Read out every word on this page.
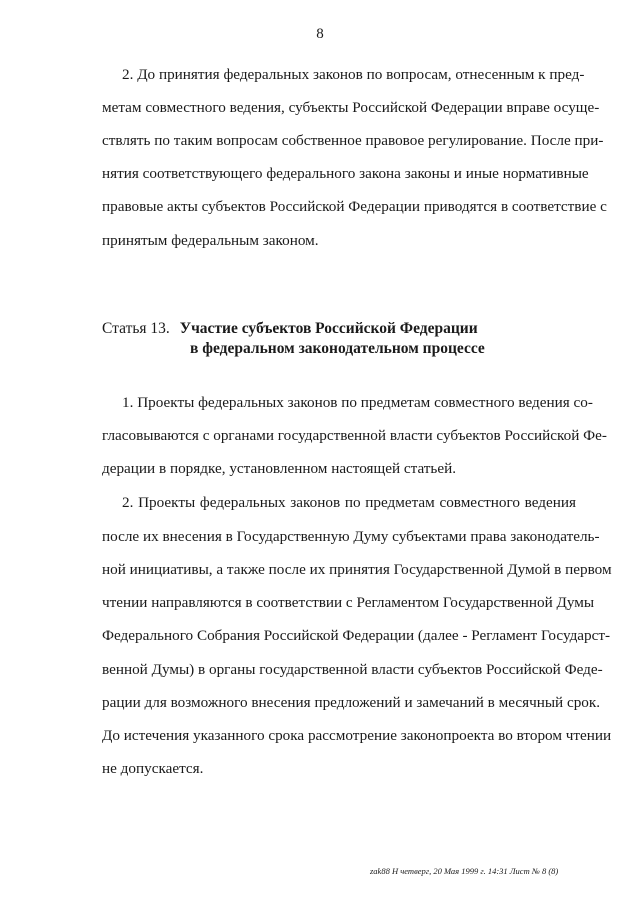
8
2. До принятия федеральных законов по вопросам, отнесенным к пред-
метам совместного ведения, субъекты Российской Федерации вправе осуще-
ствлять по таким вопросам собственное правовое регулирование. После при-
нятия соответствующего федерального закона законы и иные нормативные
правовые акты субъектов Российской Федерации приводятся в соответствие с
принятым федеральным законом.
Статья 13. Участие субъектов Российской Федерации
в федеральном законодательном процессе
1. Проекты федеральных законов по предметам совместного ведения со-
гласовываются с органами государственной власти субъектов Российской Фе-
дерации в порядке, установленном настоящей статьей.
2. Проекты федеральных законов по предметам совместного ведения
после их внесения в Государственную Думу субъектами права законодатель-
ной инициативы, а также после их принятия Государственной Думой в первом
чтении направляются в соответствии с Регламентом Государственной Думы
Федерального Собрания Российской Федерации (далее - Регламент Государст-
венной Думы) в органы государственной власти субъектов Российской Феде-
рации для возможного внесения предложений и замечаний в месячный срок.
До истечения указанного срока рассмотрение законопроекта во втором чтении
не допускается.
zak88 Н четверг, 20 Мая 1999 г. 14:31 Лист № 8 (8)
